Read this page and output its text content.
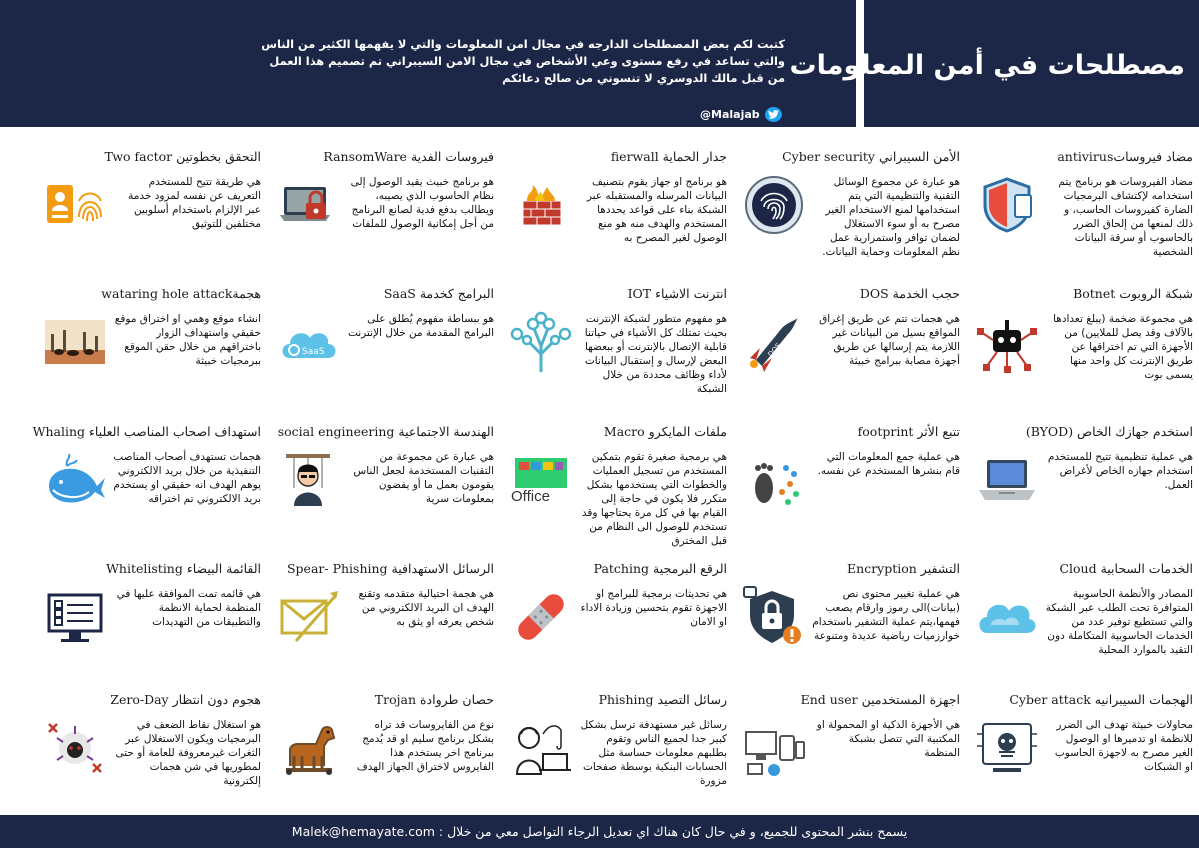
مصطلحات في أمن المعلومات
كتبت لكم بعض المصطلحات الدارجه في مجال امن المعلومات والتي لا يفهمها الكثير من الناس
والتي تساعد في رفع مستوى وعي الأشخاص في مجال الامن السيبراني تم تصميم هذا العمل
من قبل مالك الدوسري لا تنسوني من صالح دعائكم
@Malajab
مضاد فيروساتantivirus
مضاد الفيروسات هو برنامج يتم استخدامه لإكتشاف البرمجيات الضارة كفيروسات الحاسب، و ذلك لمنعها من إلحاق الضرر بالحاسوب أو سرقة البيانات الشخصية
الأمن السيبراني Cyber security
هو عبارة عن مجموع الوسائل التقنية والتنظيمية التي يتم استخدامها لمنع الاستخدام الغير مصرح به أو سوء الاستغلال لضمان توافر واستمرارية عمل نظم المعلومات وحماية البيانات.
جدار الحماية fierwall
هو برنامج او جهاز يقوم بتصنيف البيانات المرسله والمستقبله عبر الشبكة بناء على قواعد يحددها المستخدم والهدف منه هو منع الوصول لغير المصرح به
فيروسات الفدية RansomWare
هو برنامج خبيث يقيد الوصول إلى نظام الحاسوب الذي يصيبه، ويطالب بدفع فدية لصانع البرنامج من أجل إمكانية الوصول للملفات
التحقق بخطوتين Two factor
هي طريقة تتيح للمستخدم التعريف عن نفسه لمزود خدمة عبر الإلزام باستخدام أسلوبين مختلفين للتوثيق
شبكة الروبوت Botnet
هي مجموعة ضخمة (يبلغ تعدادها بالآلاف وقد يصل للملايين) من الأجهزة التي تم اختراقها عن طريق الإنترنت كل واحد منها يسمى بوت
حجب الخدمة DOS
هي هجمات تتم عن طريق إغراق المواقع بسيل من البيانات غير اللازمة يتم إرسالها عن طريق أجهزة مصابة ببرامج خبيثة
DOS
انترنت الاشياء IOT
هو مفهوم متطور لشبكة الإنترنت بحيث تمتلك كل الأشياء في حياتنا قابلية الإتصال بالإنترنت أو ببعضها البعض لإرسال و إستقبال البيانات لأداء وظائف محددة من خلال الشبكة
البرامج كخدمة SaaS
هو ببساطة مفهوم يُطلق على البرامج المقدمة من خلال الإنترنت
SaaS
هجمةwataring hole attack
انشاء موقع وهمي او اختراق موقع حقيقي واستهداف الزوار باختراقهم من خلال حقن الموقع ببرمجيات خبيثة
استخدم جهازك الخاص (BYOD)
هي عملية تنظيمية تتيح للمستخدم استخدام جهازه الخاص لأغراض العمل.
تتبع الأثر footprint
هي عملية جمع المعلومات التي قام بنشرها المستخدم عن نفسه.
ملفات المايكرو Macro
هي برمجية صغيرة تقوم بتمكين المستخدم من تسجيل العمليات والخطوات التي يستخدمها بشكل متكرر فلا يكون في حاجة إلى القيام بها في كل مرة يحتاجها وقد تستخدم للوصول الى النظام من قبل المخترق
Office
الهندسة الاجتماعية social engineering
هي عبارة عن مجموعة من التقنيات المستخدمة لجعل الناس يقومون بعمل ما أو يفضون بمعلومات سرية
استهداف اصحاب المناصب العلياء Whaling
هجمات تستهدف أصحاب المناصب التنفيذية من خلال بريد الالكتروني يوهم الهدف انه حقيقي او يستخدم بريد الالكتروني تم اختراقه
الخدمات السحابية Cloud
المصادر والأنظمة الحاسوبية المتوافرة تحت الطلب عبر الشبكة والتي تستطيع توفير عدد من الخدمات الحاسوبية المتكاملة دون التقيد بالموارد المحلية
التشفير Encryption
هي عملية تغيير محتوى نص (بيانات)الى رموز وارقام يصعب فهمها،يتم عملية التشفير باستخدام خوارزميات رياضية عديدة ومتنوعة
الرقع البرمجية Patching
هي تحديثات برمجية للبرامج او الاجهزة تقوم بتحسين وزيادة الاداء او الامان
الرسائل الاستهدافية Spear- Phishing
هي هجمة احتيالية متقدمه وتقنع الهدف ان البريد الالكتروني من شخص يعرفه او يثق به
القائمة البيضاء Whitelisting
هي قائمه تمت الموافقة عليها في المنظمة لحماية الانظمة والتطبيقات من التهديدات
الهجمات السيبرانيه Cyber attack
محاولات خبيثة تهدف الى الضرر للانظمة او تدميرها او الوصول الغير مصرح به لاجهزة الحاسوب او الشبكات
اجهزة المستخدمين End user
هي الأجهزة الذكية او المحمولة او المكتبية التي تتصل بشبكة المنظمة
رسائل التصيد Phishing
رسائل غير مستهدفة ترسل بشكل كبير جدا لجميع الناس وتقوم بطلبهم معلومات حساسة مثل الحسابات البنكية بوسطة صفحات مزورة
حصان طروادة Trojan
نوع من الفايروسات قد تراه بشكل برنامج سليم او قد يُدمج ببرنامج اخر يستخدم هذا الفايروس لاختراق الجهاز الهدف
هجوم دون انتظار Zero-Day
هو استغلال نقاط الضعف في البرمجيات ويكون الاستغلال عبر الثغرات غيرمعروفة للعامة أو حتى لمطوريها في شن هجمات إلكترونية
يسمح بنشر المحتوى للجميع، و في حال كان هناك اي تعديل الرجاء التواصل معي من خلال : Malek@hemayate.com
